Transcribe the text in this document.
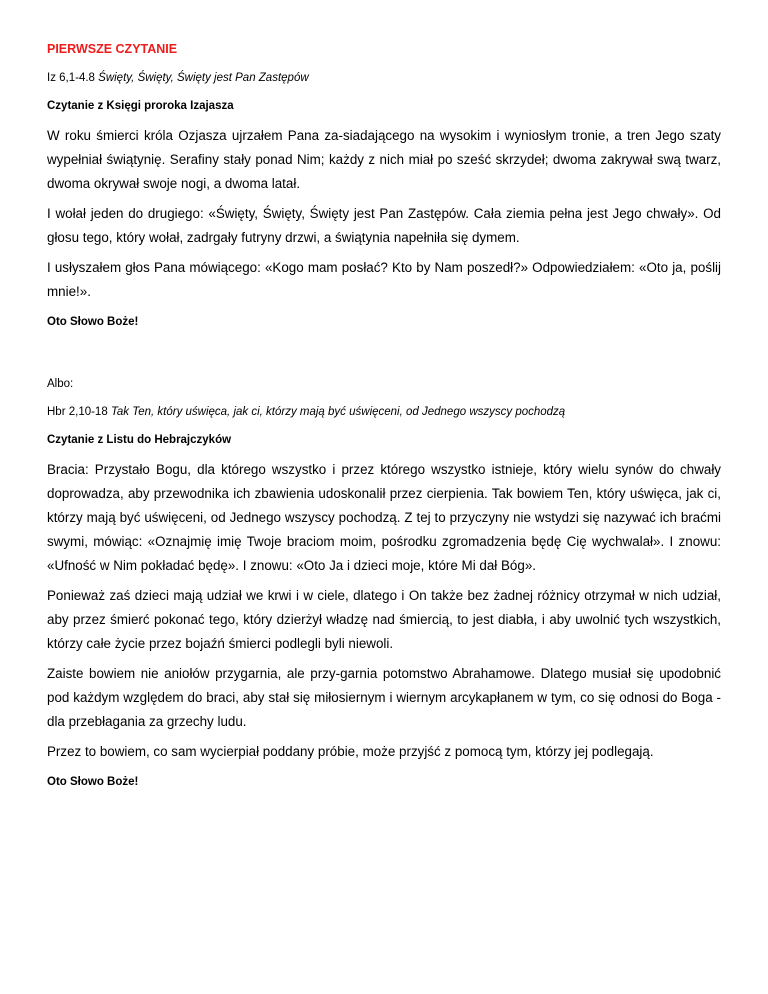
PIERWSZE CZYTANIE

Iz 6,1-4.8 Święty, Święty, Święty jest Pan Zastępów

Czytanie z Księgi proroka Izajasza

W roku śmierci króla Ozjasza ujrzałem Pana za-siadającego na wysokim i wyniosłym tronie, a tren Jego szaty wypełniał świątynię. Serafiny stały ponad Nim; każdy z nich miał po sześć skrzydeł; dwoma zakrywał swą twarz, dwoma okrywał swoje nogi, a dwoma latał.

I wołał jeden do drugiego: «Święty, Święty, Święty jest Pan Zastępów. Cała ziemia pełna jest Jego chwały». Od głosu tego, który wołał, zadrgały futryny drzwi, a świątynia napełniła się dymem.

I usłyszałem głos Pana mówiącego: «Kogo mam posłać? Kto by Nam poszedł?» Odpowiedziałem: «Oto ja, poślij mnie!».

Oto Słowo Boże!

Albo:

Hbr 2,10-18 Tak Ten, który uświęca, jak ci, którzy mają być uświęceni, od Jednego wszyscy pochodzą

Czytanie z Listu do Hebrajczyków

Bracia: Przystało Bogu, dla którego wszystko i przez którego wszystko istnieje, który wielu synów do chwały doprowadza, aby przewodnika ich zbawienia udoskonalił przez cierpienia. Tak bowiem Ten, który uświęca, jak ci, którzy mają być uświęceni, od Jednego wszyscy pochodzą. Z tej to przyczyny nie wstydzi się nazywać ich braćmi swymi, mówiąc: «Oznajmię imię Twoje braciom moim, pośrodku zgromadzenia będę Cię wychwalał». I znowu: «Ufność w Nim pokładać będę». I znowu: «Oto Ja i dzieci moje, które Mi dał Bóg».

Ponieważ zaś dzieci mają udział we krwi i w ciele, dlatego i On także bez żadnej różnicy otrzymał w nich udział, aby przez śmierć pokonać tego, który dzierżył władzę nad śmiercią, to jest diabła, i aby uwolnić tych wszystkich, którzy całe życie przez bojaźń śmierci podlegli byli niewoli.

Zaiste bowiem nie aniołów przygarnia, ale przy-garnia potomstwo Abrahamowe. Dlatego musiał się upodobnić pod każdym względem do braci, aby stał się miłosiernym i wiernym arcykapłanem w tym, co się odnosi do Boga - dla przebłagania za grzechy ludu.

Przez to bowiem, co sam wycierpiał poddany próbie, może przyjść z pomocą tym, którzy jej podlegają.

Oto Słowo Boże!
